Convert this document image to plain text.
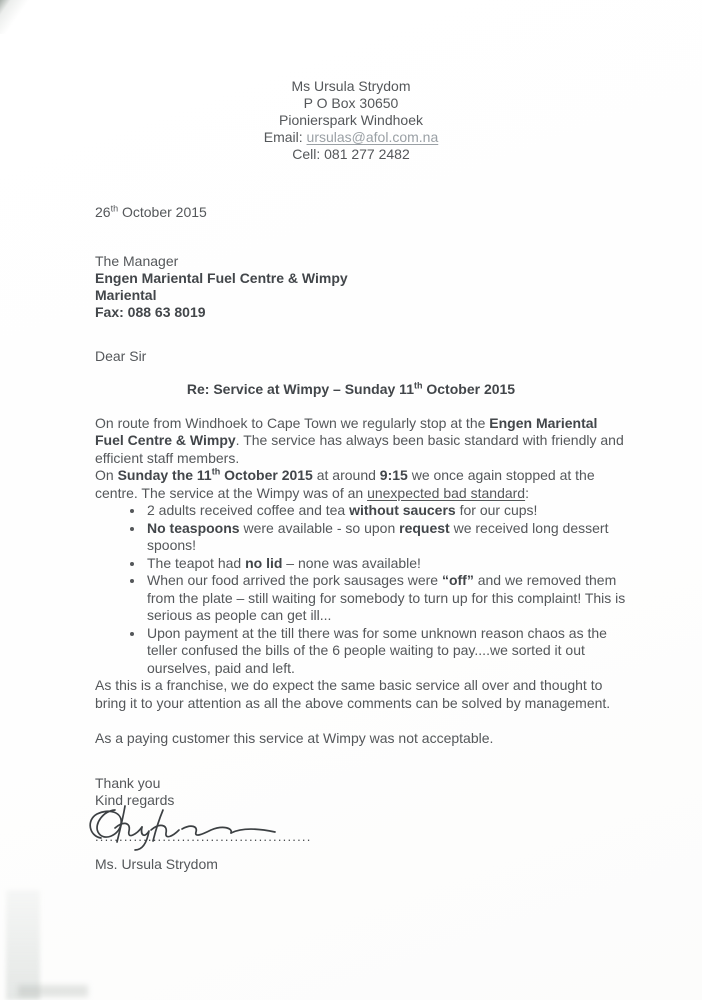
Ms Ursula Strydom
P O Box 30650
Pionierspark Windhoek
Email: ursulas@afol.com.na
Cell: 081 277 2482
26th October 2015
The Manager
Engen Mariental Fuel Centre & Wimpy
Mariental
Fax: 088 63 8019
Dear Sir
Re: Service at Wimpy – Sunday 11th October 2015

On route from Windhoek to Cape Town we regularly stop at the Engen Mariental Fuel Centre & Wimpy. The service has always been basic standard with friendly and efficient staff members.

On Sunday the 11th October 2015 at around 9:15 we once again stopped at the centre. The service at the Wimpy was of an unexpected bad standard:

• 2 adults received coffee and tea without saucers for our cups!
• No teaspoons were available - so upon request we received long dessert spoons!
• The teapot had no lid – none was available!
• When our food arrived the pork sausages were “off” and we removed them from the plate – still waiting for somebody to turn up for this complaint! This is serious as people can get ill...
• Upon payment at the till there was for some unknown reason chaos as the teller confused the bills of the 6 people waiting to pay....we sorted it out ourselves, paid and left.

As this is a franchise, we do expect the same basic service all over and thought to bring it to your attention as all the above comments can be solved by management.

As a paying customer this service at Wimpy was not acceptable.

Thank you
Kind regards
.............................................
Ms. Ursula Strydom
